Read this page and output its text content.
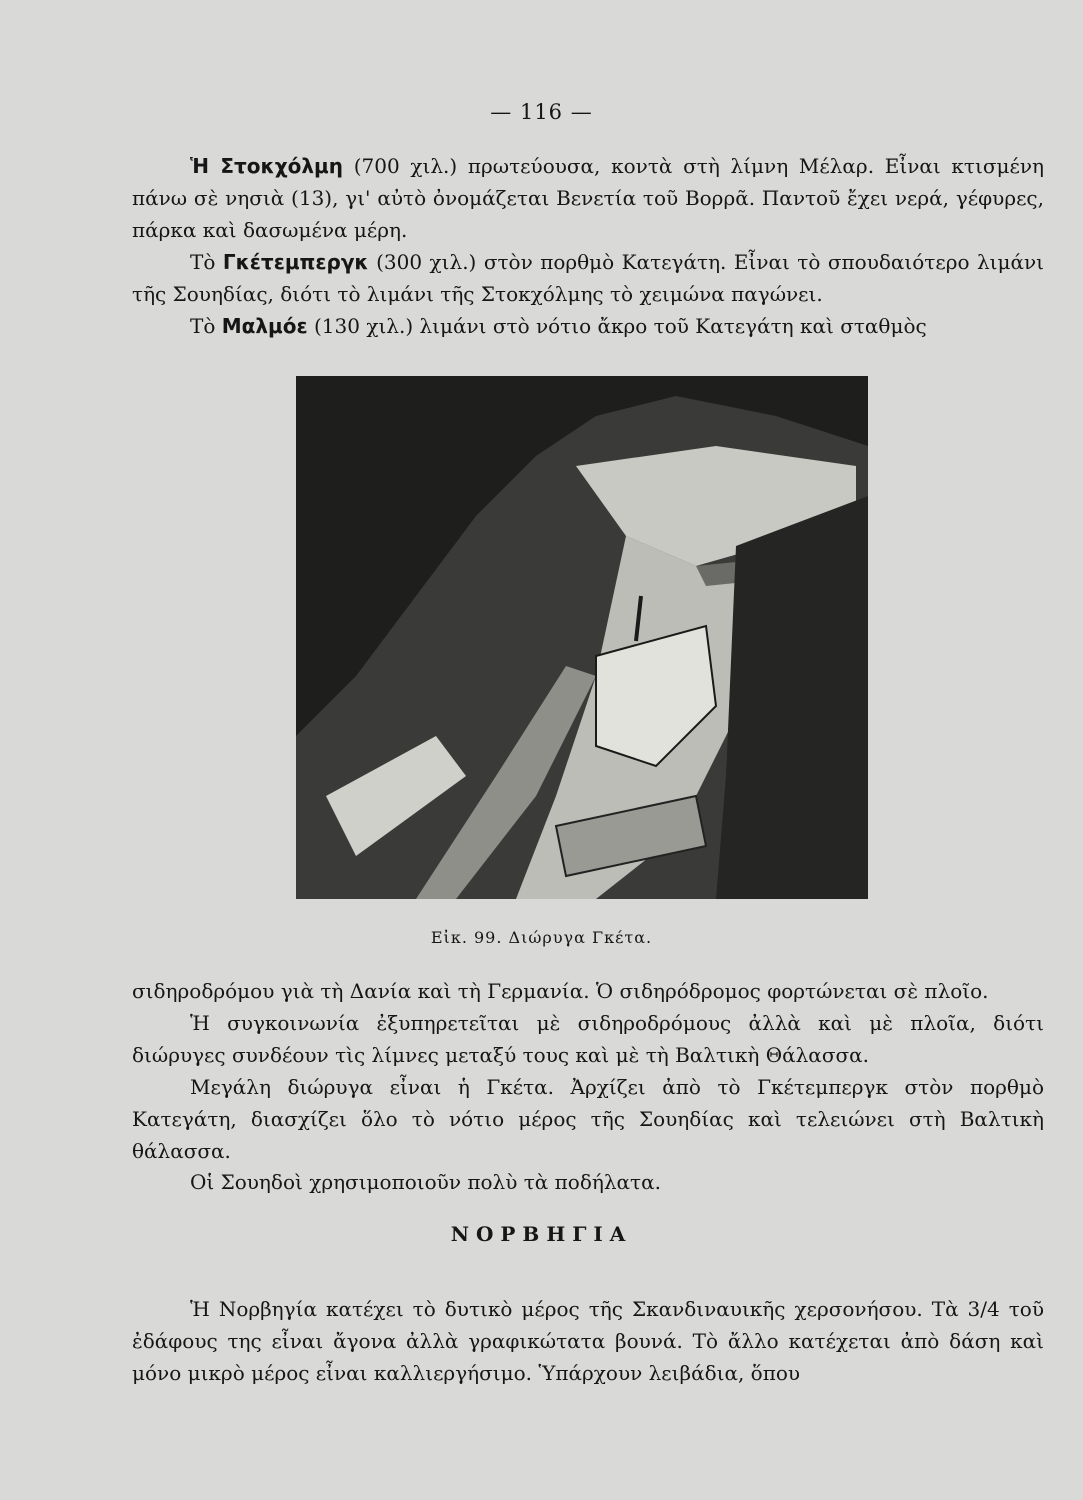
— 116 —
Ἡ Στοκχόλμη (700 χιλ.) πρωτεύουσα, κοντὰ στὴ λίμνη Μέλαρ. Εἶναι κτισμένη πάνω σὲ νησιὰ (13), γι' αὐτὸ ὀνομάζεται Βενετία τοῦ Βορρᾶ. Παντοῦ ἔχει νερά, γέφυρες, πάρκα καὶ δασωμένα μέρη.
Τὸ Γκέτεμπεργκ (300 χιλ.) στὸν πορθμὸ Κατεγάτη. Εἶναι τὸ σπουδαιότερο λιμάνι τῆς Σουηδίας, διότι τὸ λιμάνι τῆς Στοκχόλμης τὸ χειμώνα παγώνει.
Τὸ Μαλμόε (130 χιλ.) λιμάνι στὸ νότιο ἄκρο τοῦ Κατεγάτη καὶ σταθμὸς
Εἰκ. 99. Διώρυγα Γκέτα.
σιδηροδρόμου γιὰ τὴ Δανία καὶ τὴ Γερμανία. Ὁ σιδηρόδρομος φορτώνεται σὲ πλοῖο.
Ἡ συγκοινωνία ἐξυπηρετεῖται μὲ σιδηροδρόμους ἀλλὰ καὶ μὲ πλοῖα, διότι διώρυγες συνδέουν τὶς λίμνες μεταξύ τους καὶ μὲ τὴ Βαλτικὴ Θάλασσα.
Μεγάλη διώρυγα εἶναι ἡ Γκέτα. Ἀρχίζει ἀπὸ τὸ Γκέτεμπεργκ στὸν πορθμὸ Κατεγάτη, διασχίζει ὅλο τὸ νότιο μέρος τῆς Σουηδίας καὶ τελειώνει στὴ Βαλτικὴ θάλασσα.
Οἱ Σουηδοὶ χρησιμοποιοῦν πολὺ τὰ ποδήλατα.
ΝΟΡΒΗΓΙΑ
Ἡ Νορβηγία κατέχει τὸ δυτικὸ μέρος τῆς Σκανδιναυικῆς χερσονήσου. Τὰ 3/4 τοῦ ἐδάφους της εἶναι ἄγονα ἀλλὰ γραφικώτατα βουνά. Τὸ ἄλλο κατέχεται ἀπὸ δάση καὶ μόνο μικρὸ μέρος εἶναι καλλιεργήσιμο. Ὑπάρχουν λειβάδια, ὅπου
